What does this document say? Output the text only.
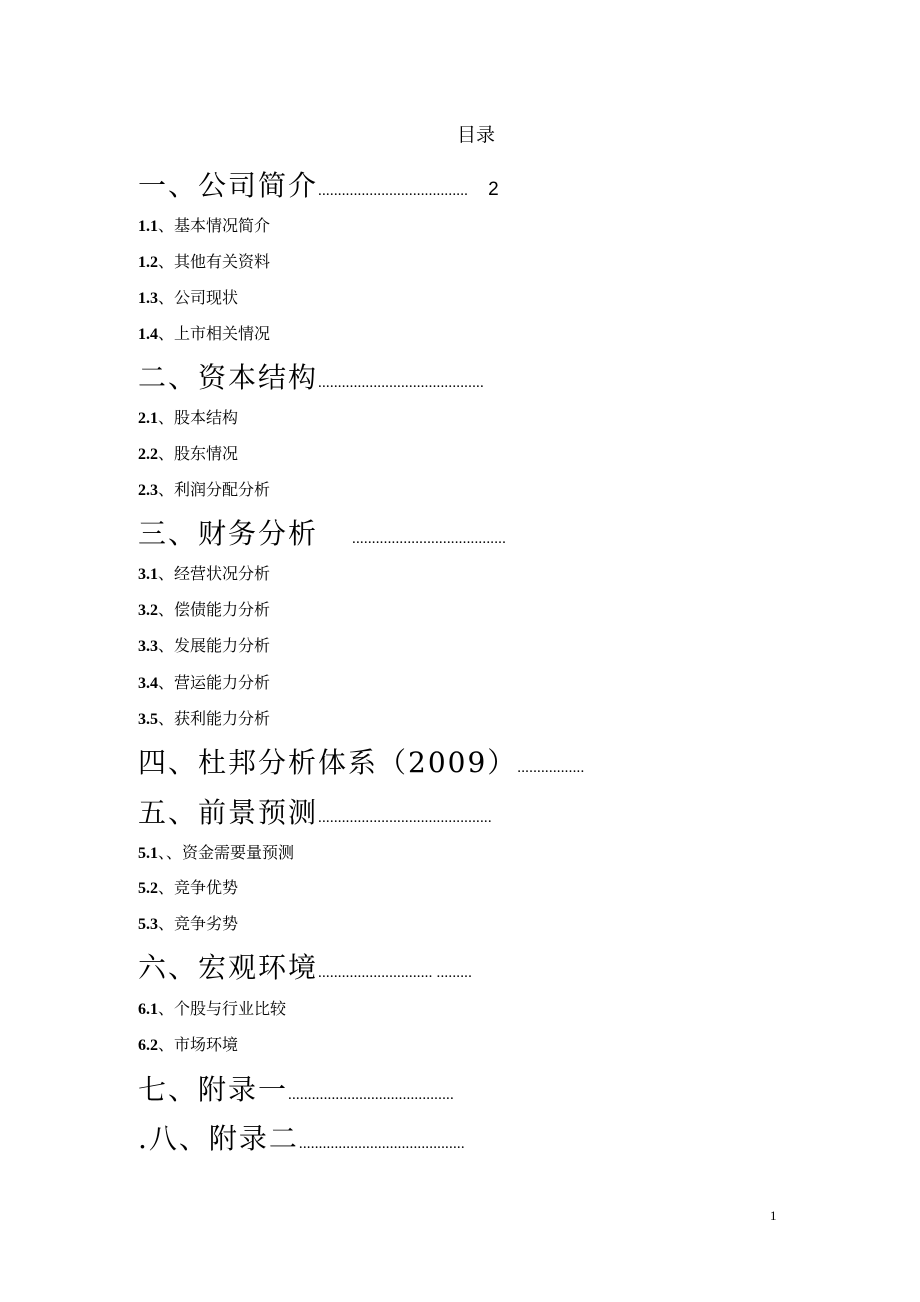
目录
一、公司简介...................................... 2
1.1、基本情况简介
1.2、其他有关资料
1.3、公司现状
1.4、上市相关情况
二、资本结构..........................................
2.1、股本结构
2.2、股东情况
2.3、利润分配分析
三、财务分析 .......................................
3.1、经营状况分析
3.2、偿债能力分析
3.3、发展能力分析
3.4、营运能力分析
3.5、获利能力分析
四、杜邦分析体系（2009）.................
五、前景预测............................................
5.1、、资金需要量预测
5.2、竞争优势
5.3、竞争劣势
六、宏观环境............................. .........
6.1、个股与行业比较
6.2、市场环境
七、附录一..........................................
.八、附录二..........................................
1
